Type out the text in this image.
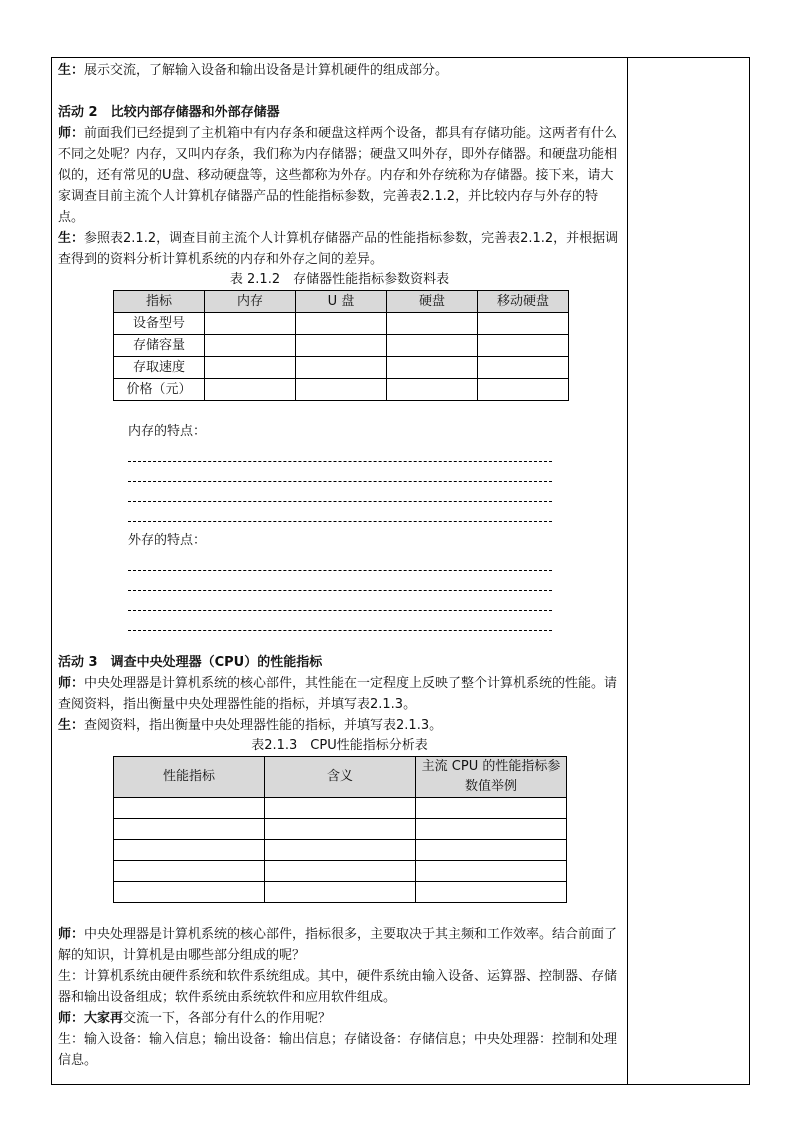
生：展示交流，了解输入设备和输出设备是计算机硬件的组成部分。

活动 2　比较内部存储器和外部存储器

师：前面我们已经提到了主机箱中有内存条和硬盘这样两个设备，都具有存储功能。这两者有什么不同之处呢？内存，又叫内存条，我们称为内存储器；硬盘又叫外存，即外存储器。和硬盘功能相似的，还有常见的U盘、移动硬盘等，这些都称为外存。内存和外存统称为存储器。接下来，请大家调查目前主流个人计算机存储器产品的性能指标参数，完善表2.1.2，并比较内存与外存的特点。

生：参照表2.1.2，调查目前主流个人计算机存储器产品的性能指标参数，完善表2.1.2，并根据调查得到的资料分析计算机系统的内存和外存之间的差异。

表 2.1.2　存储器性能指标参数资料表

指标	内存	U 盘	硬盘	移动硬盘
设备型号				
存储容量				
存取速度				
价格（元）				

内存的特点：

外存的特点：

活动 3　调查中央处理器（CPU）的性能指标

师：中央处理器是计算机系统的核心部件，其性能在一定程度上反映了整个计算机系统的性能。请查阅资料，指出衡量中央处理器性能的指标，并填写表2.1.3。

生：查阅资料，指出衡量中央处理器性能的指标，并填写表2.1.3。

表2.1.3　CPU性能指标分析表

性能指标	含义	主流 CPU 的性能指标参数值举例

师：中央处理器是计算机系统的核心部件，指标很多，主要取决于其主频和工作效率。结合前面了解的知识，计算机是由哪些部分组成的呢？

生：计算机系统由硬件系统和软件系统组成。其中，硬件系统由输入设备、运算器、控制器、存储器和输出设备组成；软件系统由系统软件和应用软件组成。

师：大家再交流一下，各部分有什么的作用呢？

生：输入设备：输入信息；输出设备：输出信息；存储设备：存储信息；中央处理器：控制和处理信息。
